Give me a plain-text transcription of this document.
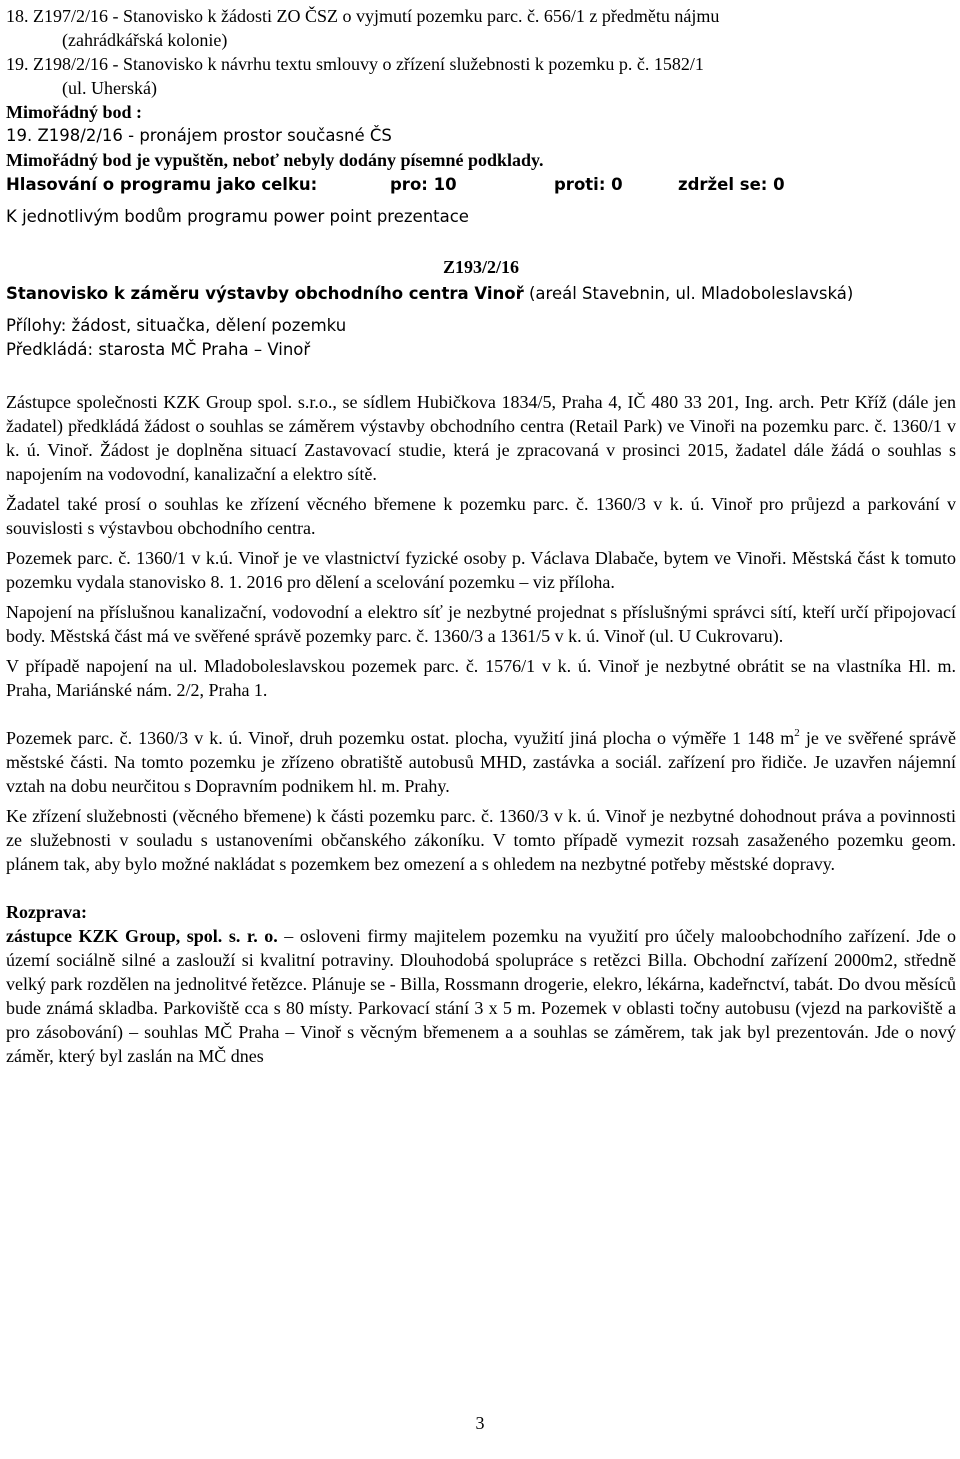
18. Z197/2/16 - Stanovisko k žádosti ZO ČSZ o vyjmutí pozemku parc. č. 656/1 z předmětu nájmu
(zahrádkářská kolonie)
19. Z198/2/16 - Stanovisko k návrhu textu smlouvy o zřízení služebnosti k pozemku p. č. 1582/1
(ul. Uherská)
Mimořádný bod :
19. Z198/2/16 - pronájem prostor současné ČS
Mimořádný bod je vypuštěn, neboť nebyly dodány písemné podklady.
Hlasování o programu jako celku:	pro: 10	proti: 0	zdržel se: 0
K jednotlivým bodům programu power point prezentace
Z193/2/16
Stanovisko k záměru výstavby obchodního centra Vinoř (areál Stavebnin, ul. Mladoboleslavská)
Přílohy: žádost, situačka, dělení pozemku
Předkládá: starosta MČ Praha – Vinoř

Zástupce společnosti KZK Group spol. s.r.o., se sídlem Hubičkova 1834/5, Praha 4, IČ 480 33 201, Ing. arch. Petr Kříž (dále jen žadatel) předkládá žádost o souhlas se záměrem výstavby obchodního centra (Retail Park) ve Vinoři na pozemku parc. č. 1360/1 v k. ú. Vinoř. Žádost je doplněna situací Zastavovací studie, která je zpracovaná v prosinci 2015, žadatel dále žádá o souhlas s napojením na vodovodní, kanalizační a elektro sítě.

Žadatel také prosí o souhlas ke zřízení věcného břemene k pozemku parc. č. 1360/3 v k. ú. Vinoř pro průjezd a parkování v souvislosti s výstavbou obchodního centra.

Pozemek parc. č. 1360/1 v k.ú. Vinoř je ve vlastnictví fyzické osoby p. Václava Dlabače, bytem ve Vinoři. Městská část k tomuto pozemku vydala stanovisko 8. 1. 2016 pro dělení a scelování pozemku – viz příloha.

Napojení na příslušnou kanalizační, vodovodní a elektro síť je nezbytné projednat s příslušnými správci sítí, kteří určí připojovací body. Městská část má ve svěřené správě pozemky parc. č. 1360/3 a 1361/5 v k. ú. Vinoř (ul. U Cukrovaru).

V případě napojení na ul. Mladoboleslavskou pozemek parc. č. 1576/1 v k. ú. Vinoř je nezbytné obrátit se na vlastníka Hl. m. Praha, Mariánské nám. 2/2, Praha 1.

Pozemek parc. č. 1360/3 v k. ú. Vinoř, druh pozemku ostat. plocha, využití jiná plocha o výměře 1 148 $m^2$ je ve svěřené správě městské části. Na tomto pozemku je zřízeno obratiště autobusů MHD, zastávka a sociál. zařízení pro řidiče. Je uzavřen nájemní vztah na dobu neurčitou s Dopravním podnikem hl. m. Prahy.

Ke zřízení služebnosti (věcného břemene) k části pozemku parc. č. 1360/3 v k. ú. Vinoř je nezbytné dohodnout práva a povinnosti ze služebnosti v souladu s ustanoveními občanského zákoníku. V tomto případě vymezit rozsah zasaženého pozemku geom. plánem tak, aby bylo možné nakládat s pozemkem bez omezení a s ohledem na nezbytné potřeby městské dopravy.

Rozprava:

zástupce KZK Group, spol. s. r. o. – osloveni firmy majitelem pozemku na využití pro účely maloobchodního zařízení. Jde o území sociálně silné a zaslouží si kvalitní potraviny. Dlouhodobá spolupráce s retězci Billa. Obchodní zařízení 2000m2, středně velký park rozdělen na jednolitvé řetězce. Plánuje se - Billa, Rossmann drogerie, elekro, lékárna, kadeřnctví, tabát. Do dvou měsíců bude známá skladba. Parkoviště cca s 80 místy. Parkovací stání 3 x 5 m. Pozemek v oblasti točny autobusu (vjezd na parkoviště a pro zásobování) – souhlas MČ Praha – Vinoř s věcným břemenem a a souhlas se záměrem, tak jak byl prezentován. Jde o nový záměr, který byl zaslán na MČ dnes

3
